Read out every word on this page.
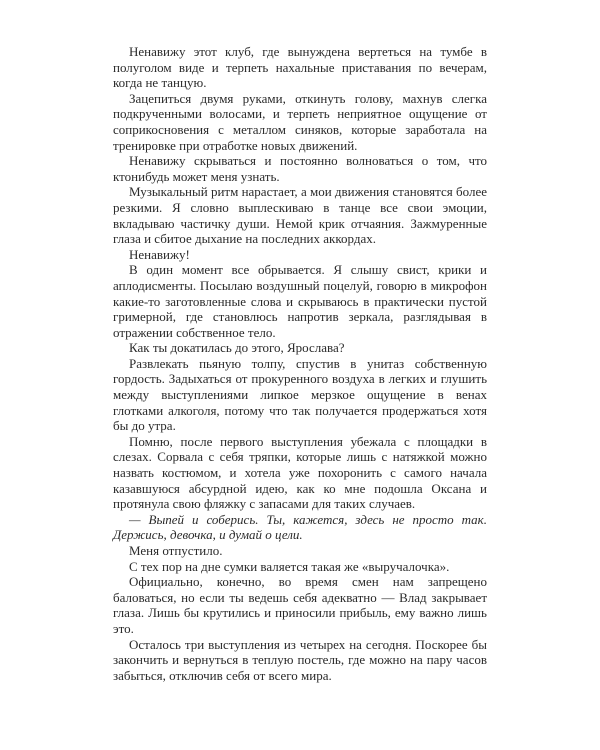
Ненавижу этот клуб, где вынуждена вертеться на тумбе в полуголом виде и терпеть нахальные приставания по вечерам, когда не танцую.

Зацепиться двумя руками, откинуть голову, махнув слегка подкрученными волосами, и терпеть неприятное ощущение от соприкосновения с металлом синяков, которые заработала на тренировке при отработке новых движений.

Ненавижу скрываться и постоянно волноваться о том, что ктонибудь может меня узнать.

Музыкальный ритм нарастает, а мои движения становятся более резкими. Я словно выплескиваю в танце все свои эмоции, вкладываю частичку души. Немой крик отчаяния. Зажмуренные глаза и сбитое дыхание на последних аккордах.

Ненавижу!

В один момент все обрывается. Я слышу свист, крики и аплодисменты. Посылаю воздушный поцелуй, говорю в микрофон какие-то заготовленные слова и скрываюсь в практически пустой гримерной, где становлюсь напротив зеркала, разглядывая в отражении собственное тело.

Как ты докатилась до этого, Ярослава?

Развлекать пьяную толпу, спустив в унитаз собственную гордость. Задыхаться от прокуренного воздуха в легких и глушить между выступлениями липкое мерзкое ощущение в венах глотками алкоголя, потому что так получается продержаться хотя бы до утра.

Помню, после первого выступления убежала с площадки в слезах. Сорвала с себя тряпки, которые лишь с натяжкой можно назвать костюмом, и хотела уже похоронить с самого начала казавшуюся абсурдной идею, как ко мне подошла Оксана и протянула свою фляжку с запасами для таких случаев.

— Выпей и соберись. Ты, кажется, здесь не просто так. Держись, девочка, и думай о цели.

Меня отпустило.

С тех пор на дне сумки валяется такая же «выручалочка».

Официально, конечно, во время смен нам запрещено баловаться, но если ты ведешь себя адекватно — Влад закрывает глаза. Лишь бы крутились и приносили прибыль, ему важно лишь это.

Осталось три выступления из четырех на сегодня. Поскорее бы закончить и вернуться в теплую постель, где можно на пару часов забыться, отключив себя от всего мира.
